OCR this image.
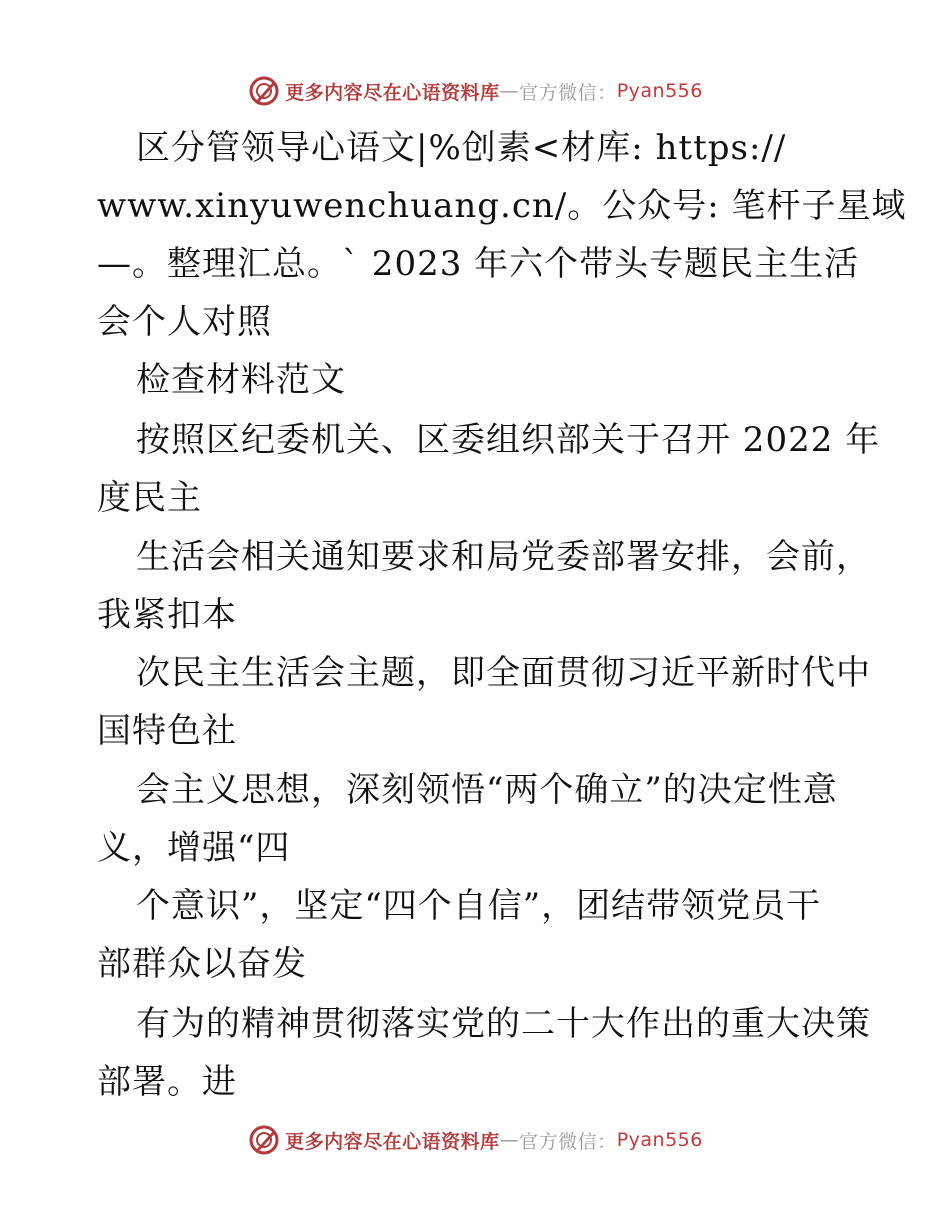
更多内容尽在心语资料库 — 官方微信： Pyan556
区分管领导心语文|%创素<材库: https://
www.xinyuwenchuang.cn/。公众号: 笔杆子星域
—。整理汇总。` 2023 年六个带头专题民主生活
会个人对照
检查材料范文
按照区纪委机关、区委组织部关于召开 2022 年
度民主
生活会相关通知要求和局党委部署安排，会前，
我紧扣本
次民主生活会主题，即全面贯彻习近平新时代中
国特色社
会主义思想，深刻领悟“两个确立”的决定性意
义，增强“四
个意识”，坚定“四个自信”，团结带领党员干
部群众以奋发
有为的精神贯彻落实党的二十大作出的重大决策
部署。进
更多内容尽在心语资料库 — 官方微信： Pyan556
